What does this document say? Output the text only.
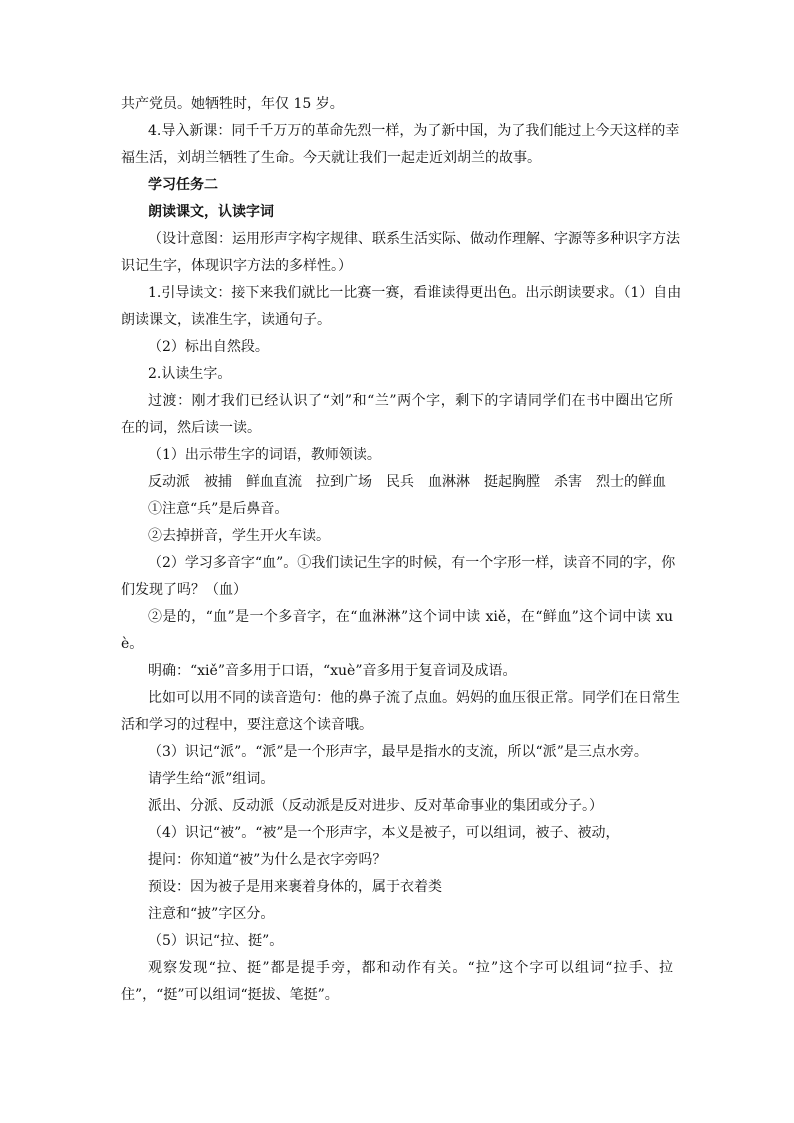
共产党员。她牺牲时，年仅 15 岁。
4.导入新课：同千千万万的革命先烈一样，为了新中国，为了我们能过上今天这样的幸
福生活，刘胡兰牺牲了生命。今天就让我们一起走近刘胡兰的故事。
学习任务二
朗读课文，认读字词
（设计意图：运用形声字构字规律、联系生活实际、做动作理解、字源等多种识字方法
识记生字，体现识字方法的多样性。）
1.引导读文：接下来我们就比一比赛一赛，看谁读得更出色。出示朗读要求。（1）自由
朗读课文，读准生字，读通句子。
（2）标出自然段。
2.认读生字。
过渡：刚才我们已经认识了“刘”和“兰”两个字，剩下的字请同学们在书中圈出它所
在的词，然后读一读。
（1）出示带生字的词语，教师领读。
反动派　被捕　鲜血直流　拉到广场　民兵　血淋淋　挺起胸膛　杀害　烈士的鲜血
①注意“兵”是后鼻音。
②去掉拼音，学生开火车读。
（2）学习多音字“血”。①我们读记生字的时候，有一个字形一样，读音不同的字，你
们发现了吗？（血）
②是的，“血”是一个多音字，在“血淋淋”这个词中读 xiě，在“鲜血”这个词中读 xu
è。
明确：“xiě”音多用于口语，“xuè”音多用于复音词及成语。
比如可以用不同的读音造句：他的鼻子流了点血。妈妈的血压很正常。同学们在日常生
活和学习的过程中，要注意这个读音哦。
（3）识记“派”。“派”是一个形声字，最早是指水的支流，所以“派”是三点水旁。
请学生给“派”组词。
派出、分派、反动派（反动派是反对进步、反对革命事业的集团或分子。）
（4）识记“被”。“被”是一个形声字，本义是被子，可以组词，被子、被动，
提问：你知道“被”为什么是衣字旁吗？
预设：因为被子是用来裹着身体的，属于衣着类
注意和“披”字区分。
（5）识记“拉、挺”。
观察发现“拉、挺”都是提手旁，都和动作有关。“拉”这个字可以组词“拉手、拉
住”，“挺”可以组词“挺拔、笔挺”。
